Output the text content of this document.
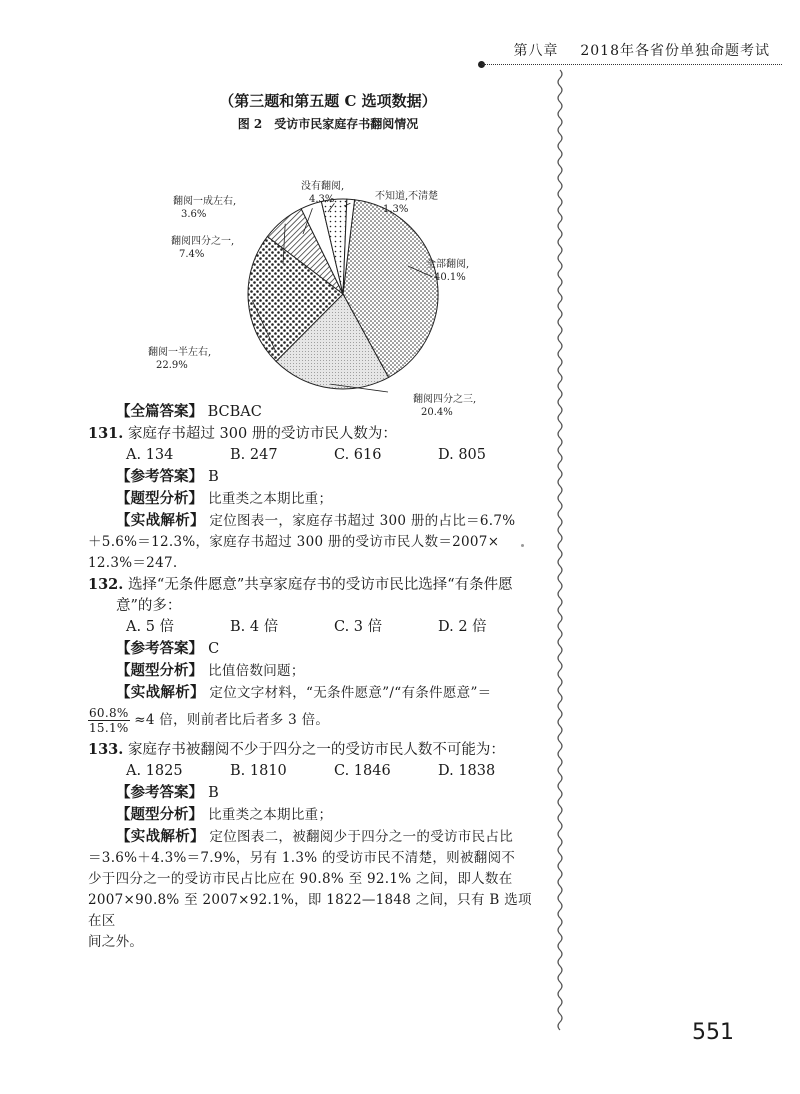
第八章 2018年各省份单独命题考试
（第三题和第五题 C 选项数据）
图 2　受访市民家庭存书翻阅情况
全部翻阅,
40.1%
翻阅四分之三,
20.4%
翻阅一半左右,
22.9%
翻阅四分之一,
7.4%
翻阅一成左右,
3.6%
没有翻阅,
4.3%	不知道,不清楚
1.3%
【全篇答案】 BCBAC
131. 家庭存书超过 300 册的受访市民人数为：
A. 134	B. 247	C. 616	D. 805
【参考答案】 B
【题型分析】 比重类之本期比重；
【实战解析】 定位图表一，家庭存书超过 300 册的占比＝6.7%
＋5.6%＝12.3%，家庭存书超过 300 册的受访市民人数＝2007×
12.3%＝247.
132. 选择“无条件愿意”共享家庭存书的受访市民比选择“有条件愿
意”的多：
A. 5 倍	B. 4 倍	C. 3 倍	D. 2 倍
【参考答案】 C
【题型分析】 比值倍数问题；
【实战解析】 定位文字材料，“无条件愿意”/“有条件愿意”＝
$\frac{60.8\%}{15.1\%} \approx 4$ 倍，则前者比后者多 3 倍。
133. 家庭存书被翻阅不少于四分之一的受访市民人数不可能为：
A. 1825	B. 1810	C. 1846	D. 1838
【参考答案】 B
【题型分析】 比重类之本期比重；
【实战解析】 定位图表二，被翻阅少于四分之一的受访市民占比
＝3.6%＋4.3%＝7.9%，另有 1.3% 的受访市民不清楚，则被翻阅不
少于四分之一的受访市民占比应在 90.8% 至 92.1% 之间，即人数在
2007×90.8% 至 2007×92.1%，即 1822—1848 之间，只有 B 选项在区
间之外。
551
